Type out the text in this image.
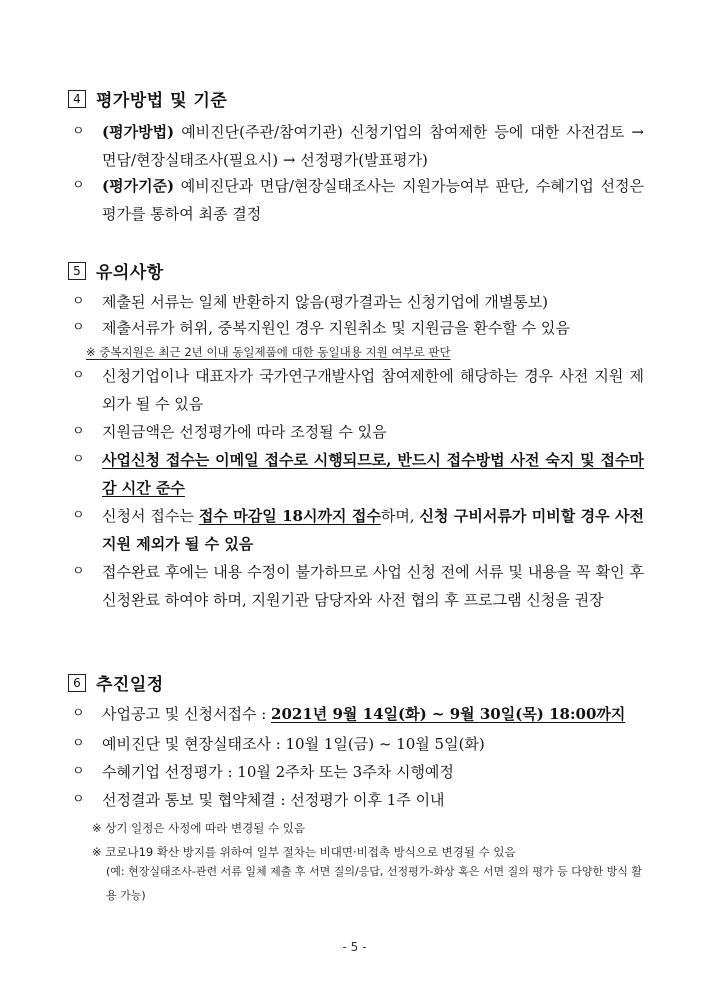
4 평가방법 및 기준
ㅇ	(평가방법) 예비진단(주관/참여기관) 신청기업의 참여제한 등에 대한 사전검토 → 면담/현장실태조사(필요시) → 선정평가(발표평가)
ㅇ	(평가기준) 예비진단과 면담/현장실태조사는 지원가능여부 판단, 수혜기업 선정은 평가를 통하여 최종 결정
5 유의사항
ㅇ	제출된 서류는 일체 반환하지 않음(평가결과는 신청기업에 개별통보)
ㅇ	제출서류가 허위, 중복지원인 경우 지원취소 및 지원금을 환수할 수 있음
※ 중복지원은 최근 2년 이내 동일제품에 대한 동일내용 지원 여부로 판단
ㅇ	신청기업이나 대표자가 국가연구개발사업 참여제한에 해당하는 경우 사전 지원 제외가 될 수 있음
ㅇ	지원금액은 선정평가에 따라 조정될 수 있음
ㅇ	사업신청 접수는 이메일 접수로 시행되므로, 반드시 접수방법 사전 숙지 및 접수마감 시간 준수
ㅇ	신청서 접수는 접수 마감일 18시까지 접수하며, 신청 구비서류가 미비할 경우 사전 지원 제외가 될 수 있음
ㅇ	접수완료 후에는 내용 수정이 불가하므로 사업 신청 전에 서류 및 내용을 꼭 확인 후 신청완료 하여야 하며, 지원기관 담당자와 사전 협의 후 프로그램 신청을 권장
6 추진일정
ㅇ	사업공고 및 신청서접수 : 2021년 9월 14일(화) ~ 9월 30일(목) 18:00까지
ㅇ	예비진단 및 현장실태조사 : 10월 1일(금) ~ 10월 5일(화)
ㅇ	수혜기업 선정평가 : 10월 2주차 또는 3주차 시행예정
ㅇ	선정결과 통보 및 협약체결 : 선정평가 이후 1주 이내
※ 상기 일정은 사정에 따라 변경될 수 있음
※ 코로나19 확산 방지를 위하여 일부 절차는 비대면·비접촉 방식으로 변경될 수 있음
(예: 현장실태조사-관련 서류 일체 제출 후 서면 질의/응답, 선정평가-화상 혹은 서면 질의 평가 등 다양한 방식 활용 가능)
- 5 -
